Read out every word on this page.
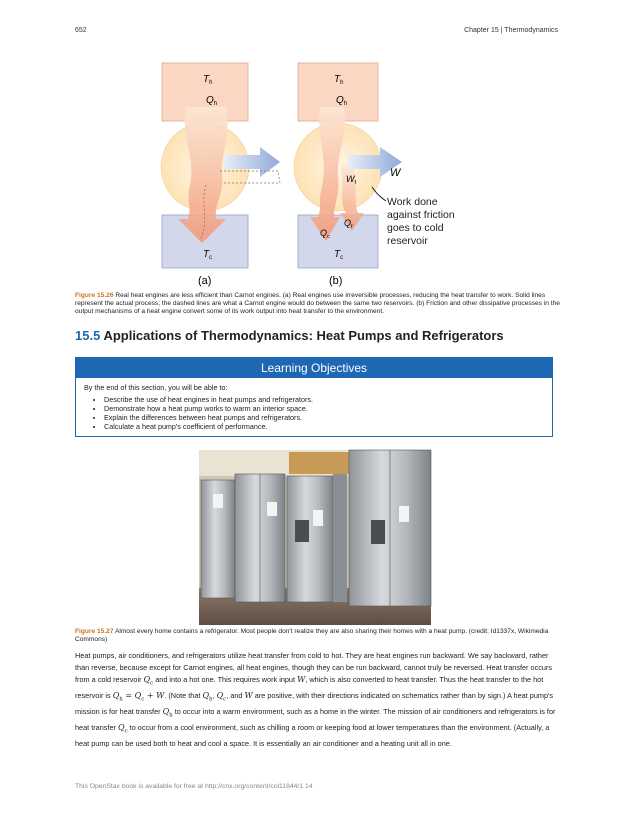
652	Chapter 15 | Thermodynamics
$T_h$
$Q_h$
$T_c$
(a)
$T_h$
$Q_h$
W
$W_f$
$Q_f$
$Q_c$
$T_c$
Work done
against friction
goes to cold
reservoir
(b)
Figure 15.26 Real heat engines are less efficient than Carnot engines. (a) Real engines use irreversible processes, reducing the heat transfer to work. Solid lines represent the actual process; the dashed lines are what a Carnot engine would do between the same two reservoirs. (b) Friction and other dissipative processes in the output mechanisms of a heat engine convert some of its work output into heat transfer to the environment.
15.5 Applications of Thermodynamics: Heat Pumps and Refrigerators
Learning Objectives
By the end of this section, you will be able to:
• Describe the use of heat engines in heat pumps and refrigerators.
• Demonstrate how a heat pump works to warm an interior space.
• Explain the differences between heat pumps and refrigerators.
• Calculate a heat pump's coefficient of performance.
Figure 15.27 Almost every home contains a refrigerator. Most people don't realize they are also sharing their homes with a heat pump. (credit: Id1337x, Wikimedia Commons)
Heat pumps, air conditioners, and refrigerators utilize heat transfer from cold to hot. They are heat engines run backward. We say backward, rather than reverse, because except for Carnot engines, all heat engines, though they can be run backward, cannot truly be reversed. Heat transfer occurs from a cold reservoir $Q_c$ and into a hot one. This requires work input W, which is also converted to heat transfer. Thus the heat transfer to the hot reservoir is $Q_h = Q_c + W$. (Note that $Q_h$, $Q_c$, and W are positive, with their directions indicated on schematics rather than by sign.) A heat pump's mission is for heat transfer $Q_h$ to occur into a warm environment, such as a home in the winter. The mission of air conditioners and refrigerators is for heat transfer $Q_c$ to occur from a cool environment, such as chilling a room or keeping food at lower temperatures than the environment. (Actually, a heat pump can be used both to heat and cool a space. It is essentially an air conditioner and a heating unit all in one.
This OpenStax book is available for free at http://cnx.org/content/col11844/1.14
